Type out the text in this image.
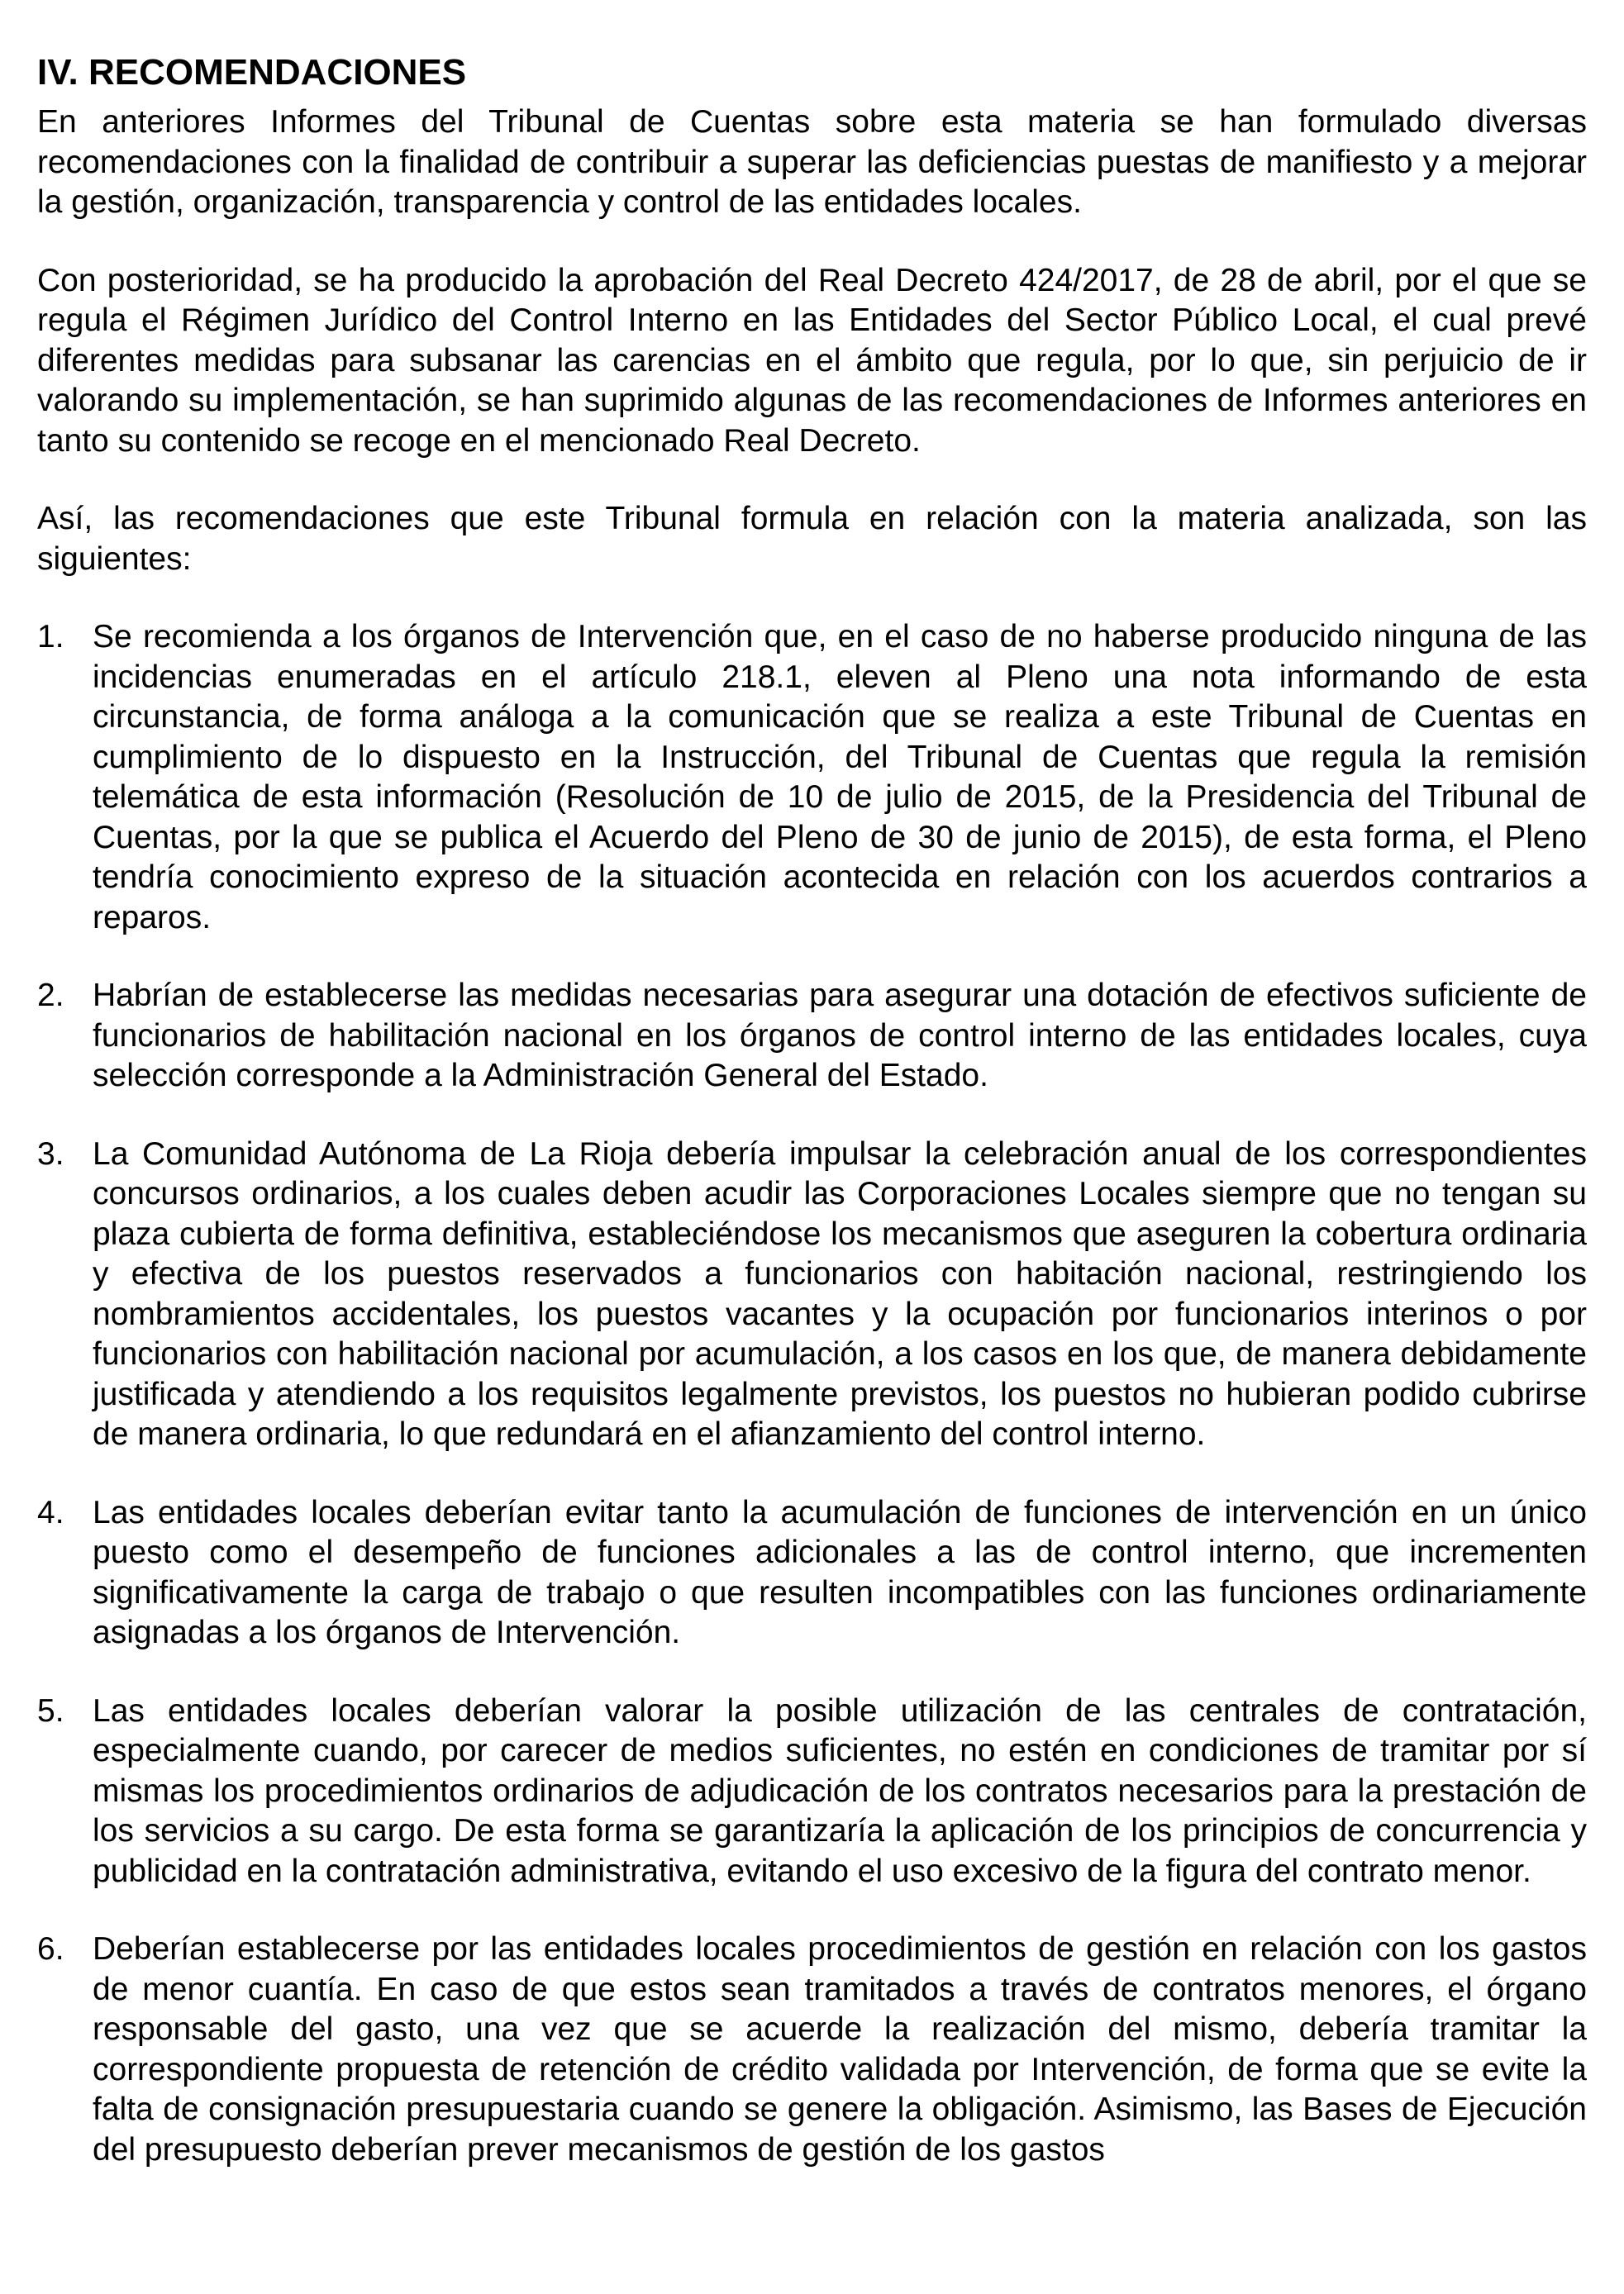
IV. RECOMENDACIONES

En anteriores Informes del Tribunal de Cuentas sobre esta materia se han formulado diversas recomendaciones con la finalidad de contribuir a superar las deficiencias puestas de manifiesto y a mejorar la gestión, organización, transparencia y control de las entidades locales.

Con posterioridad, se ha producido la aprobación del Real Decreto 424/2017, de 28 de abril, por el que se regula el Régimen Jurídico del Control Interno en las Entidades del Sector Público Local, el cual prevé diferentes medidas para subsanar las carencias en el ámbito que regula, por lo que, sin perjuicio de ir valorando su implementación, se han suprimido algunas de las recomendaciones de Informes anteriores en tanto su contenido se recoge en el mencionado Real Decreto.

Así, las recomendaciones que este Tribunal formula en relación con la materia analizada, son las siguientes:

1. Se recomienda a los órganos de Intervención que, en el caso de no haberse producido ninguna de las incidencias enumeradas en el artículo 218.1, eleven al Pleno una nota informando de esta circunstancia, de forma análoga a la comunicación que se realiza a este Tribunal de Cuentas en cumplimiento de lo dispuesto en la Instrucción, del Tribunal de Cuentas que regula la remisión telemática de esta información (Resolución de 10 de julio de 2015, de la Presidencia del Tribunal de Cuentas, por la que se publica el Acuerdo del Pleno de 30 de junio de 2015), de esta forma, el Pleno tendría conocimiento expreso de la situación acontecida en relación con los acuerdos contrarios a reparos.
2. Habrían de establecerse las medidas necesarias para asegurar una dotación de efectivos suficiente de funcionarios de habilitación nacional en los órganos de control interno de las entidades locales, cuya selección corresponde a la Administración General del Estado.
3. La Comunidad Autónoma de La Rioja debería impulsar la celebración anual de los correspondientes concursos ordinarios, a los cuales deben acudir las Corporaciones Locales siempre que no tengan su plaza cubierta de forma definitiva, estableciéndose los mecanismos que aseguren la cobertura ordinaria y efectiva de los puestos reservados a funcionarios con habitación nacional, restringiendo los nombramientos accidentales, los puestos vacantes y la ocupación por funcionarios interinos o por funcionarios con habilitación nacional por acumulación, a los casos en los que, de manera debidamente justificada y atendiendo a los requisitos legalmente previstos, los puestos no hubieran podido cubrirse de manera ordinaria, lo que redundará en el afianzamiento del control interno.
4. Las entidades locales deberían evitar tanto la acumulación de funciones de intervención en un único puesto como el desempeño de funciones adicionales a las de control interno, que incrementen significativamente la carga de trabajo o que resulten incompatibles con las funciones ordinariamente asignadas a los órganos de Intervención.
5. Las entidades locales deberían valorar la posible utilización de las centrales de contratación, especialmente cuando, por carecer de medios suficientes, no estén en condiciones de tramitar por sí mismas los procedimientos ordinarios de adjudicación de los contratos necesarios para la prestación de los servicios a su cargo. De esta forma se garantizaría la aplicación de los principios de concurrencia y publicidad en la contratación administrativa, evitando el uso excesivo de la figura del contrato menor.
6. Deberían establecerse por las entidades locales procedimientos de gestión en relación con los gastos de menor cuantía. En caso de que estos sean tramitados a través de contratos menores, el órgano responsable del gasto, una vez que se acuerde la realización del mismo, debería tramitar la correspondiente propuesta de retención de crédito validada por Intervención, de forma que se evite la falta de consignación presupuestaria cuando se genere la obligación. Asimismo, las Bases de Ejecución del presupuesto deberían prever mecanismos de gestión de los gastos
